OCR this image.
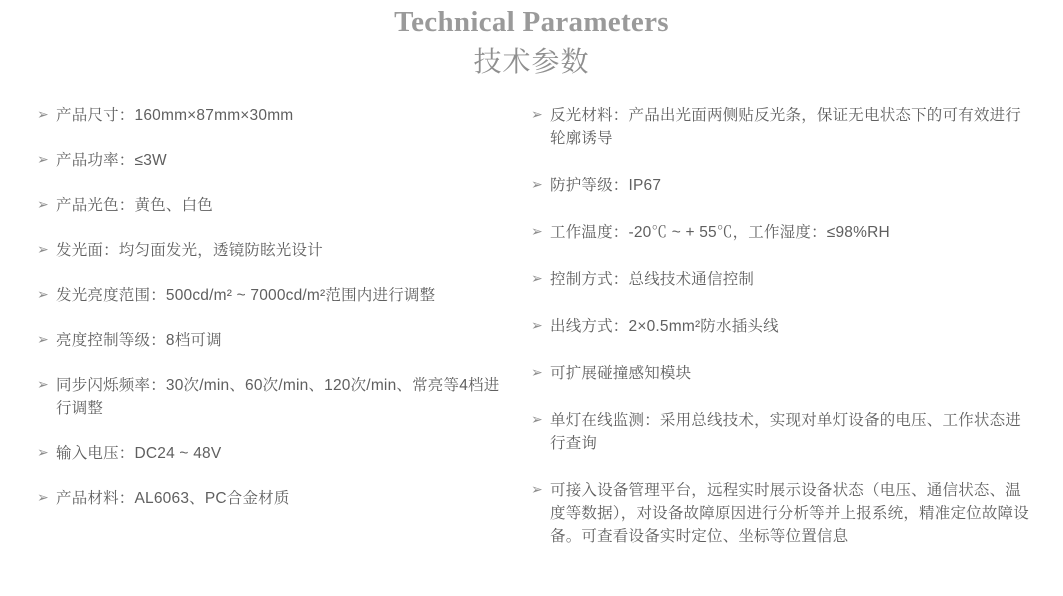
Technical Parameters
技术参数
➢ 产品尺寸：160mm×87mm×30mm
➢ 产品功率：≤3W
➢ 产品光色：黄色、白色
➢ 发光面：均匀面发光，透镜防眩光设计
➢ 发光亮度范围：500cd/m² ~ 7000cd/m²范围内进行调整
➢ 亮度控制等级：8档可调
➢ 同步闪烁频率：30次/min、60次/min、120次/min、常亮等4档进行调整
➢ 输入电压：DC24 ~ 48V
➢ 产品材料：AL6063、PC合金材质
➢ 反光材料：产品出光面两侧贴反光条，保证无电状态下的可有效进行轮廓诱导
➢ 防护等级：IP67
➢ 工作温度：-20℃ ~ + 55℃，工作湿度：≤98%RH
➢ 控制方式：总线技术通信控制
➢ 出线方式：2×0.5mm²防水插头线
➢ 可扩展碰撞感知模块
➢ 单灯在线监测：采用总线技术，实现对单灯设备的电压、工作状态进行查询
➢ 可接入设备管理平台，远程实时展示设备状态（电压、通信状态、温度等数据），对设备故障原因进行分析等并上报系统，精准定位故障设备。可查看设备实时定位、坐标等位置信息
